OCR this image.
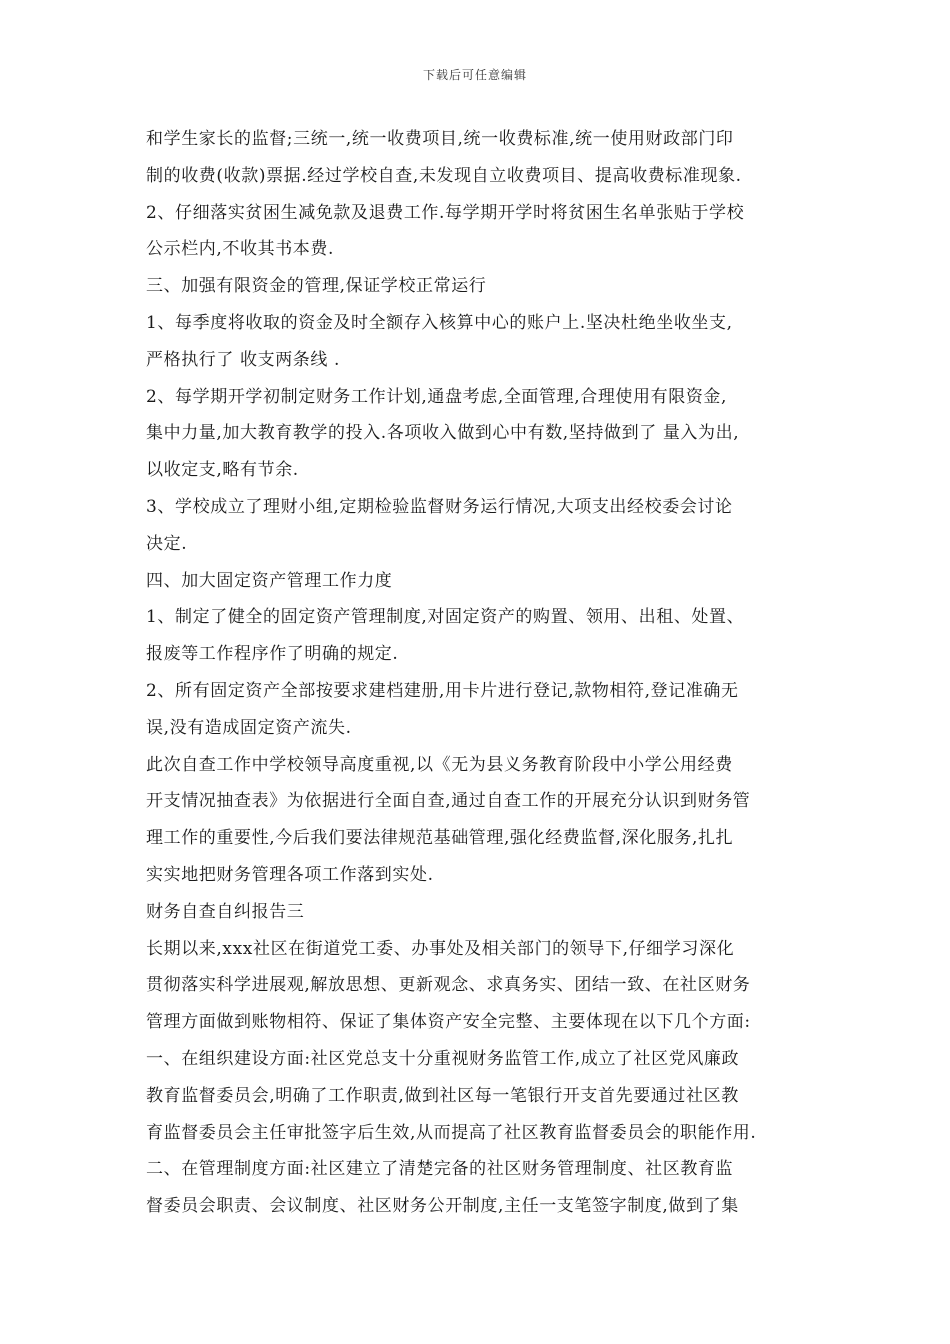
下载后可任意编辑
和学生家长的监督;三统一,统一收费项目,统一收费标准,统一使用财政部门印
制的收费(收款)票据.经过学校自查,未发现自立收费项目、提高收费标准现象.
2、仔细落实贫困生减免款及退费工作.每学期开学时将贫困生名单张贴于学校
公示栏内,不收其书本费.
三、加强有限资金的管理,保证学校正常运行
1、每季度将收取的资金及时全额存入核算中心的账户上.坚决杜绝坐收坐支,
严格执行了 收支两条线 .
2、每学期开学初制定财务工作计划,通盘考虑,全面管理,合理使用有限资金,
集中力量,加大教育教学的投入.各项收入做到心中有数,坚持做到了 量入为出,
以收定支,略有节余.
3、学校成立了理财小组,定期检验监督财务运行情况,大项支出经校委会讨论
决定.
四、加大固定资产管理工作力度
1、制定了健全的固定资产管理制度,对固定资产的购置、领用、出租、处置、
报废等工作程序作了明确的规定.
2、所有固定资产全部按要求建档建册,用卡片进行登记,款物相符,登记准确无
误,没有造成固定资产流失.
此次自查工作中学校领导高度重视,以《无为县义务教育阶段中小学公用经费
开支情况抽查表》为依据进行全面自查,通过自查工作的开展充分认识到财务管
理工作的重要性,今后我们要法律规范基础管理,强化经费监督,深化服务,扎扎
实实地把财务管理各项工作落到实处.
财务自查自纠报告三
长期以来,xxx社区在街道党工委、办事处及相关部门的领导下,仔细学习深化
贯彻落实科学进展观,解放思想、更新观念、求真务实、团结一致、在社区财务
管理方面做到账物相符、保证了集体资产安全完整、主要体现在以下几个方面:
一、在组织建设方面:社区党总支十分重视财务监管工作,成立了社区党风廉政
教育监督委员会,明确了工作职责,做到社区每一笔银行开支首先要通过社区教
育监督委员会主任审批签字后生效,从而提高了社区教育监督委员会的职能作用.
二、在管理制度方面:社区建立了清楚完备的社区财务管理制度、社区教育监
督委员会职责、会议制度、社区财务公开制度,主任一支笔签字制度,做到了集
